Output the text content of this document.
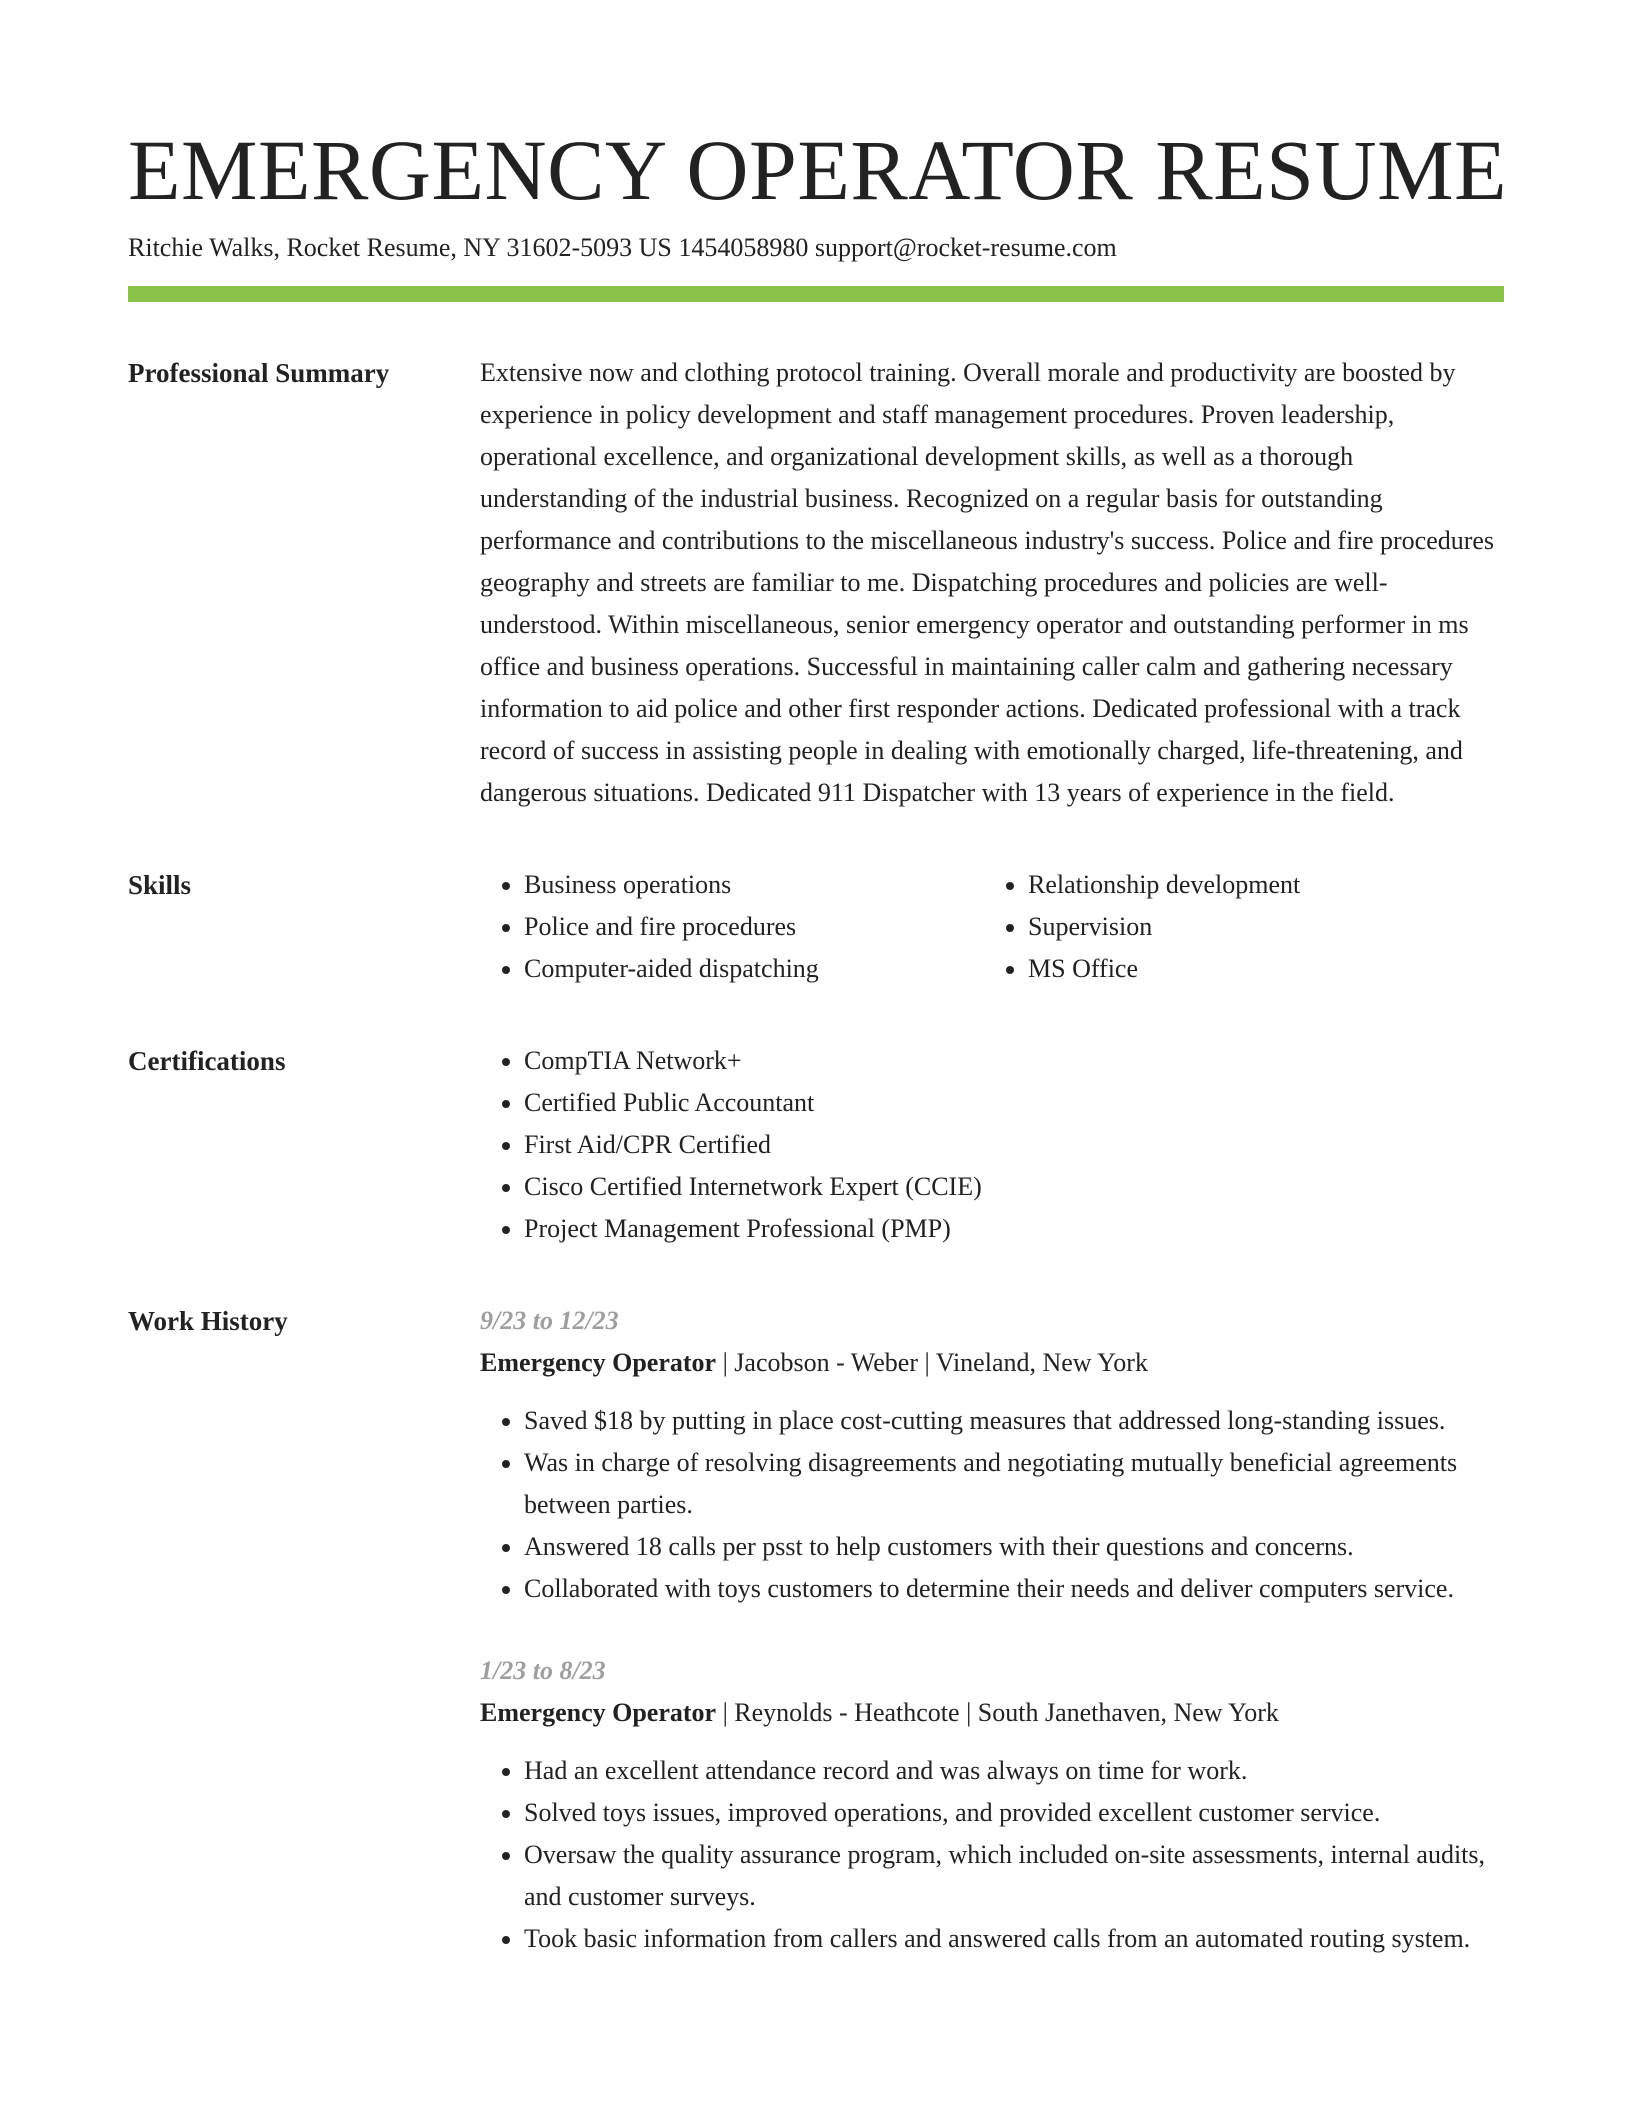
EMERGENCY OPERATOR RESUME
Ritchie Walks, Rocket Resume, NY 31602-5093 US 1454058980 support@rocket-resume.com
Professional Summary	Extensive now and clothing protocol training. Overall morale and productivity are boosted by experience in policy development and staff management procedures. Proven leadership, operational excellence, and organizational development skills, as well as a thorough understanding of the industrial business. Recognized on a regular basis for outstanding performance and contributions to the miscellaneous industry's success. Police and fire procedures geography and streets are familiar to me. Dispatching procedures and policies are well-understood. Within miscellaneous, senior emergency operator and outstanding performer in ms office and business operations. Successful in maintaining caller calm and gathering necessary information to aid police and other first responder actions. Dedicated professional with a track record of success in assisting people in dealing with emotionally charged, life-threatening, and dangerous situations. Dedicated 911 Dispatcher with 13 years of experience in the field.
Skills	• Business operations
• Police and fire procedures
• Computer-aided dispatching
• Relationship development
• Supervision
• MS Office
Certifications	• CompTIA Network+
• Certified Public Accountant
• First Aid/CPR Certified
• Cisco Certified Internetwork Expert (CCIE)
• Project Management Professional (PMP)
Work History	9/23 to 12/23
Emergency Operator | Jacobson - Weber | Vineland, New York
• Saved $18 by putting in place cost-cutting measures that addressed long-standing issues.
• Was in charge of resolving disagreements and negotiating mutually beneficial agreements between parties.
• Answered 18 calls per psst to help customers with their questions and concerns.
• Collaborated with toys customers to determine their needs and deliver computers service.
1/23 to 8/23
Emergency Operator | Reynolds - Heathcote | South Janethaven, New York
• Had an excellent attendance record and was always on time for work.
• Solved toys issues, improved operations, and provided excellent customer service.
• Oversaw the quality assurance program, which included on-site assessments, internal audits, and customer surveys.
• Took basic information from callers and answered calls from an automated routing system.
